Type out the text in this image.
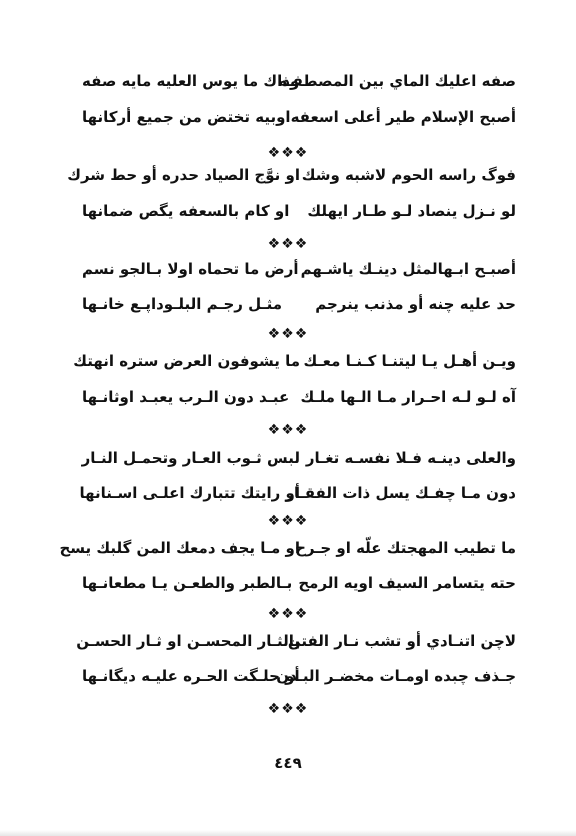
صفه اعليك الماي بين المصطفـه
وذاك ما يوس العليه مايه صفه
أصبح الإسلام طير أعلى اسعفه
اوبيه تختض من جميع أركانها
❖❖❖
فوگ راسه الحوم لاشبه وشك
او نوَّج الصياد حدره أو حط شرك
لو نـزل ينصاد لـو طـار ايهلك
او كام بالسعفه يگص ضمانها
❖❖❖
أصبـح ابـهالمثل دينـك ياشـهم
أرض ما تحماه اولا بـالجو نسم
حد عليه چنه أو مذنب ينرجم
مثـل رجـم البلـوداپـع خانـها
❖❖❖
ويـن أهـل يـا ليتنـا كـنـا معـك
ما يشوفون العرض ستره انهتك
آه لـو لـه احـرار مـا الـها ملـك
عبـد دون الـرب يعبـد اوثانـها
❖❖❖
والعلى دينـه فـلا نفسـه تغـار
لبس ثـوب العـار وتحمـل النـار
دون مـا چفـك يسل ذات الفقـار
أو رايتك تتبارك اعلـى اسـنانها
❖❖❖
ما تطيب المهجتك علّه او جـرح
او مـا يجف دمعك المن گلبك يسح
حته يتسامر السيف اويه الرمح
بـالطبر والطعـن يـا مطعانـها
❖❖❖
لاچن اتنـادي أو تشب نـار الفتن
يالثـار المحسـن او ثـار الحسـن
جـذف چبده اومـات مخضـر البـدن
أو حلـگت الحـره عليـه ديگانـها
❖❖❖
٤٤٩
